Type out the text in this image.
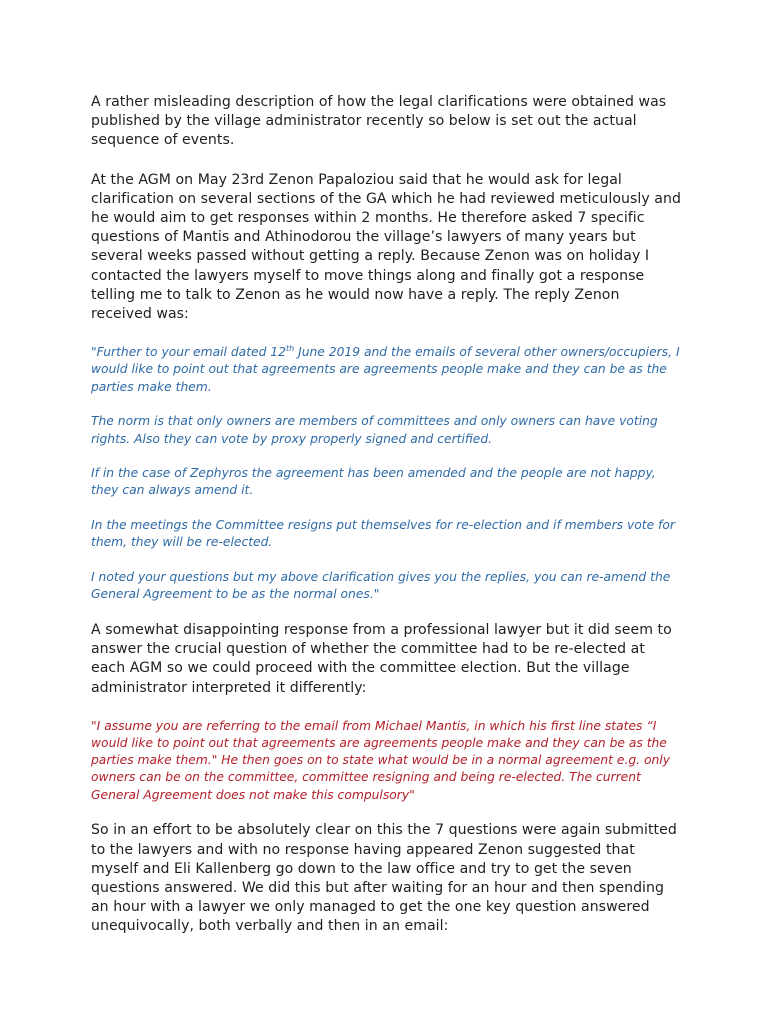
A rather misleading description of how the legal clarifications were obtained was published by the village administrator recently so below is set out the actual sequence of events.

At the AGM on May 23rd Zenon Papaloziou said that he would ask for legal clarification on several sections of the GA which he had reviewed meticulously and he would aim to get responses within 2 months. He therefore asked 7 specific questions of Mantis and Athinodorou the village’s lawyers of many years but several weeks passed without getting a reply. Because Zenon was on holiday I contacted the lawyers myself to move things along and finally got a response telling me to talk to Zenon as he would now have a reply. The reply Zenon received was:

"Further to your email dated 12th June 2019 and the emails of several other owners/occupiers, I would like to point out that agreements are agreements people make and they can be as the parties make them.

The norm is that only owners are members of committees and only owners can have voting rights. Also they can vote by proxy properly signed and certified.

If in the case of Zephyros the agreement has been amended and the people are not happy, they can always amend it.

In the meetings the Committee resigns put themselves for re-election and if members vote for them, they will be re-elected.

I noted your questions but my above clarification gives you the replies, you can re-amend the General Agreement to be as the normal ones."

A somewhat disappointing response from a professional lawyer but it did seem to answer the crucial question of whether the committee had to be re-elected at each AGM so we could proceed with the committee election. But the village administrator interpreted it differently:

"I assume you are referring to the email from Michael Mantis, in which his first line states “I would like to point out that agreements are agreements people make and they can be as the parties make them." He then goes on to state what would be in a normal agreement e.g. only owners can be on the committee, committee resigning and being re-elected. The current General Agreement does not make this compulsory"

So in an effort to be absolutely clear on this the 7 questions were again submitted to the lawyers and with no response having appeared Zenon suggested that myself and Eli Kallenberg go down to the law office and try to get the seven questions answered. We did this but after waiting for an hour and then spending an hour with a lawyer we only managed to get the one key question answered unequivocally, both verbally and then in an email:
